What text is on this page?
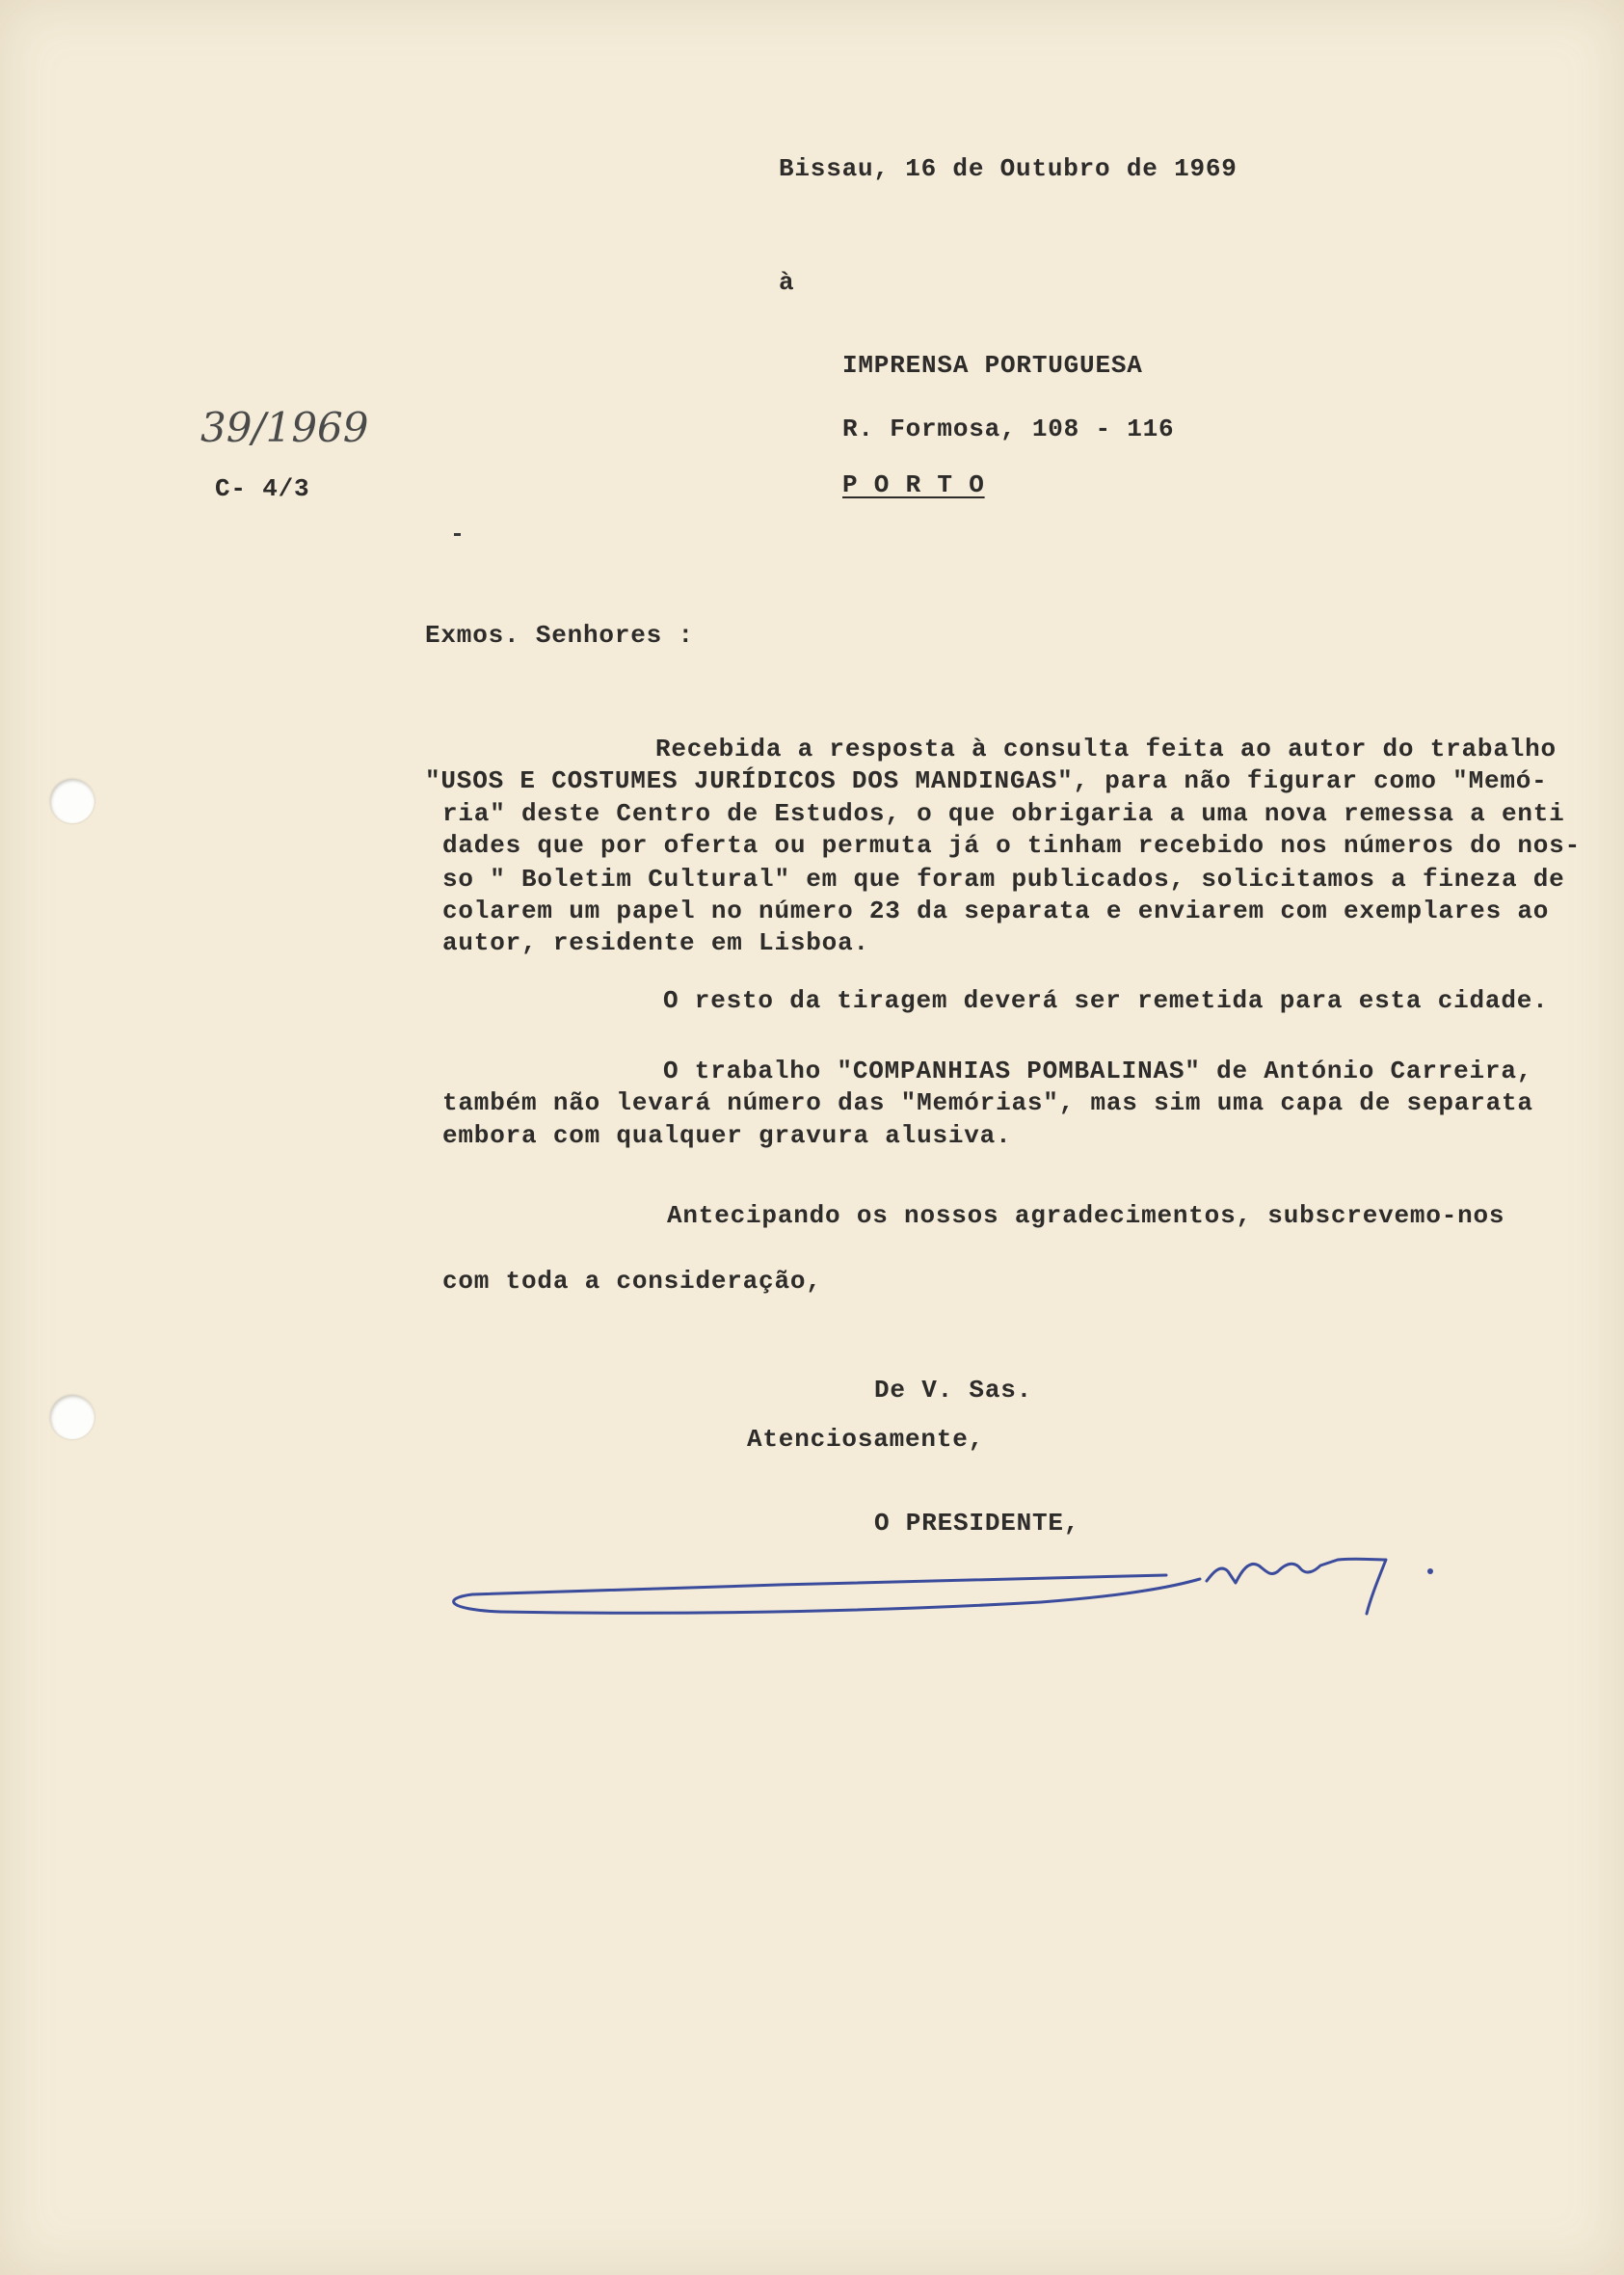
Bissau, 16 de Outubro de 1969
à
IMPRENSA PORTUGUESA
R. Formosa, 108 - 116
P O R T O
39/1969
C- 4/3
Exmos. Senhores :
Recebida a resposta à consulta feita ao autor do trabalho
"USOS E COSTUMES JURÍDICOS DOS MANDINGAS", para não figurar como "Memó-
ria" deste Centro de Estudos, o que obrigaria a uma nova remessa a enti
dades que por oferta ou permuta já o tinham recebido nos números do nos-
so " Boletim Cultural" em que foram publicados, solicitamos a fineza de
colarem um papel no número 23 da separata e enviarem com exemplares ao
autor, residente em Lisboa.
O resto da tiragem deverá ser remetida para esta cidade.
O trabalho "COMPANHIAS POMBALINAS" de António Carreira,
também não levará número das "Memórias", mas sim uma capa de separata
embora com qualquer gravura alusiva.
Antecipando os nossos agradecimentos, subscrevemo-nos
com toda a consideração,
De V. Sas.
Atenciosamente,
O PRESIDENTE,
